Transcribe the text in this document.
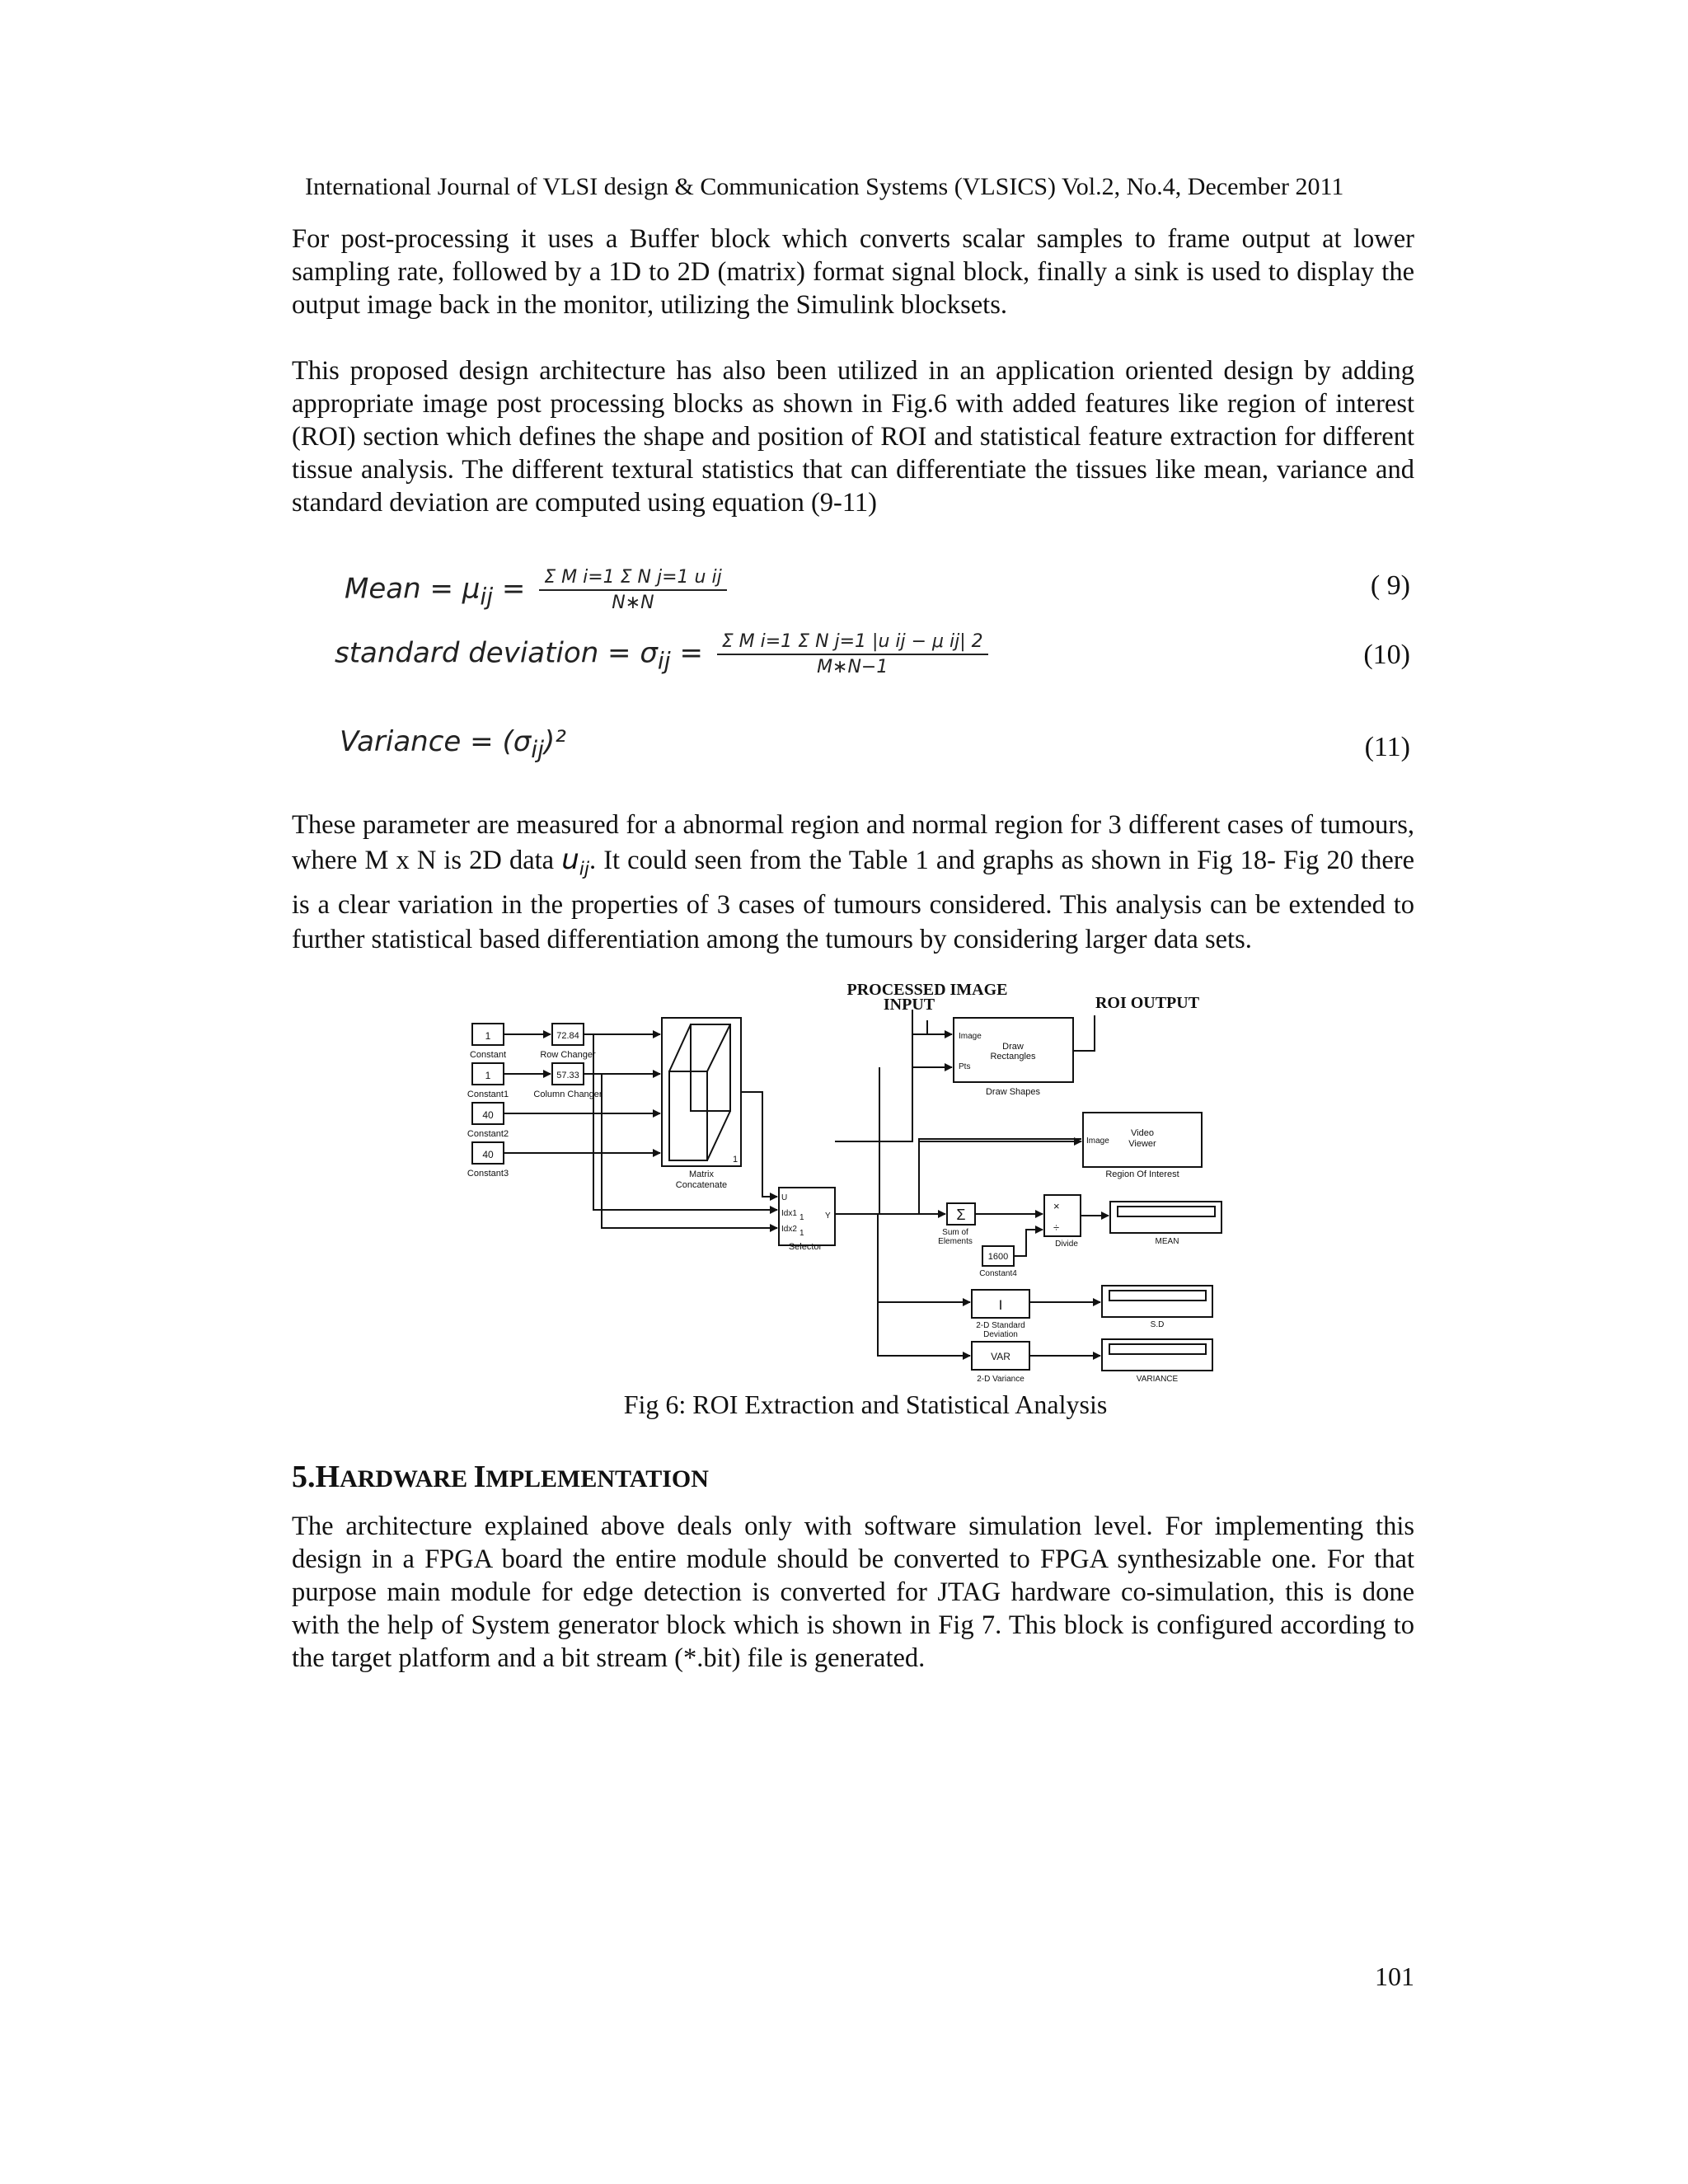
International Journal of VLSI design & Communication Systems (VLSICS) Vol.2, No.4, December 2011

For post-processing it uses a Buffer block which converts scalar samples to frame output at lower sampling rate, followed by a 1D to 2D (matrix) format signal block, finally a sink is used to display the output image back in the monitor, utilizing the Simulink blocksets.

This proposed design architecture has also been utilized in an application oriented design by adding appropriate image post processing blocks as shown in Fig.6 with added features like region of interest (ROI) section which defines the shape and position of ROI and statistical feature extraction for different tissue analysis. The different textural statistics that can differentiate the tissues like mean, variance and standard deviation are computed using equation (9-11)

Mean = $\mu_{ij} = \frac{\text{Σ M i=1 Σ N j=1 u ij}}{N∗N}$	( 9)
standard deviation = $\sigma_{ij} = \frac{\text{Σ M i=1 Σ N j=1 |u ij − μ ij| 2}}{M∗N-1}$	(10)
Variance = $(\sigma_{ij})^2$	(11)

These parameter are measured for a abnormal region and normal region for 3 different cases of tumours, where M x N is 2D data $u_{ij}$. It could seen from the Table 1 and graphs as shown in Fig 18- Fig 20 there is a clear variation in the properties of 3 cases of tumours considered. This analysis can be extended to further statistical based differentiation among the tumours by considering larger data sets.

PROCESSED IMAGE
INPUT	ROI OUTPUT
1
Constant
1
Constant1
40
Constant2
40
Constant3
72.84
Row Changer
57.33
Column Changer
1
Matrix
Concatenate
U
Idx1 1
Idx2 1
Y
Selector
Image
Pts
Draw
Rectangles
Draw Shapes
Image
Video
Viewer
Region Of Interest
Σ
Sum of
Elements
1600
Constant4
×
÷
Divide	MEAN
Ⅰ
2-D Standard
Deviation
S.D
VAR
2-D Variance	VARIANCE
Fig 6: ROI Extraction and Statistical Analysis
5.HARDWARE IMPLEMENTATION

The architecture explained above deals only with software simulation level. For implementing this design in a FPGA board the entire module should be converted to FPGA synthesizable one. For that purpose main module for edge detection is converted for JTAG hardware co-simulation, this is done with the help of System generator block which is shown in Fig 7. This block is configured according to the target platform and a bit stream (*.bit) file is generated.

101
